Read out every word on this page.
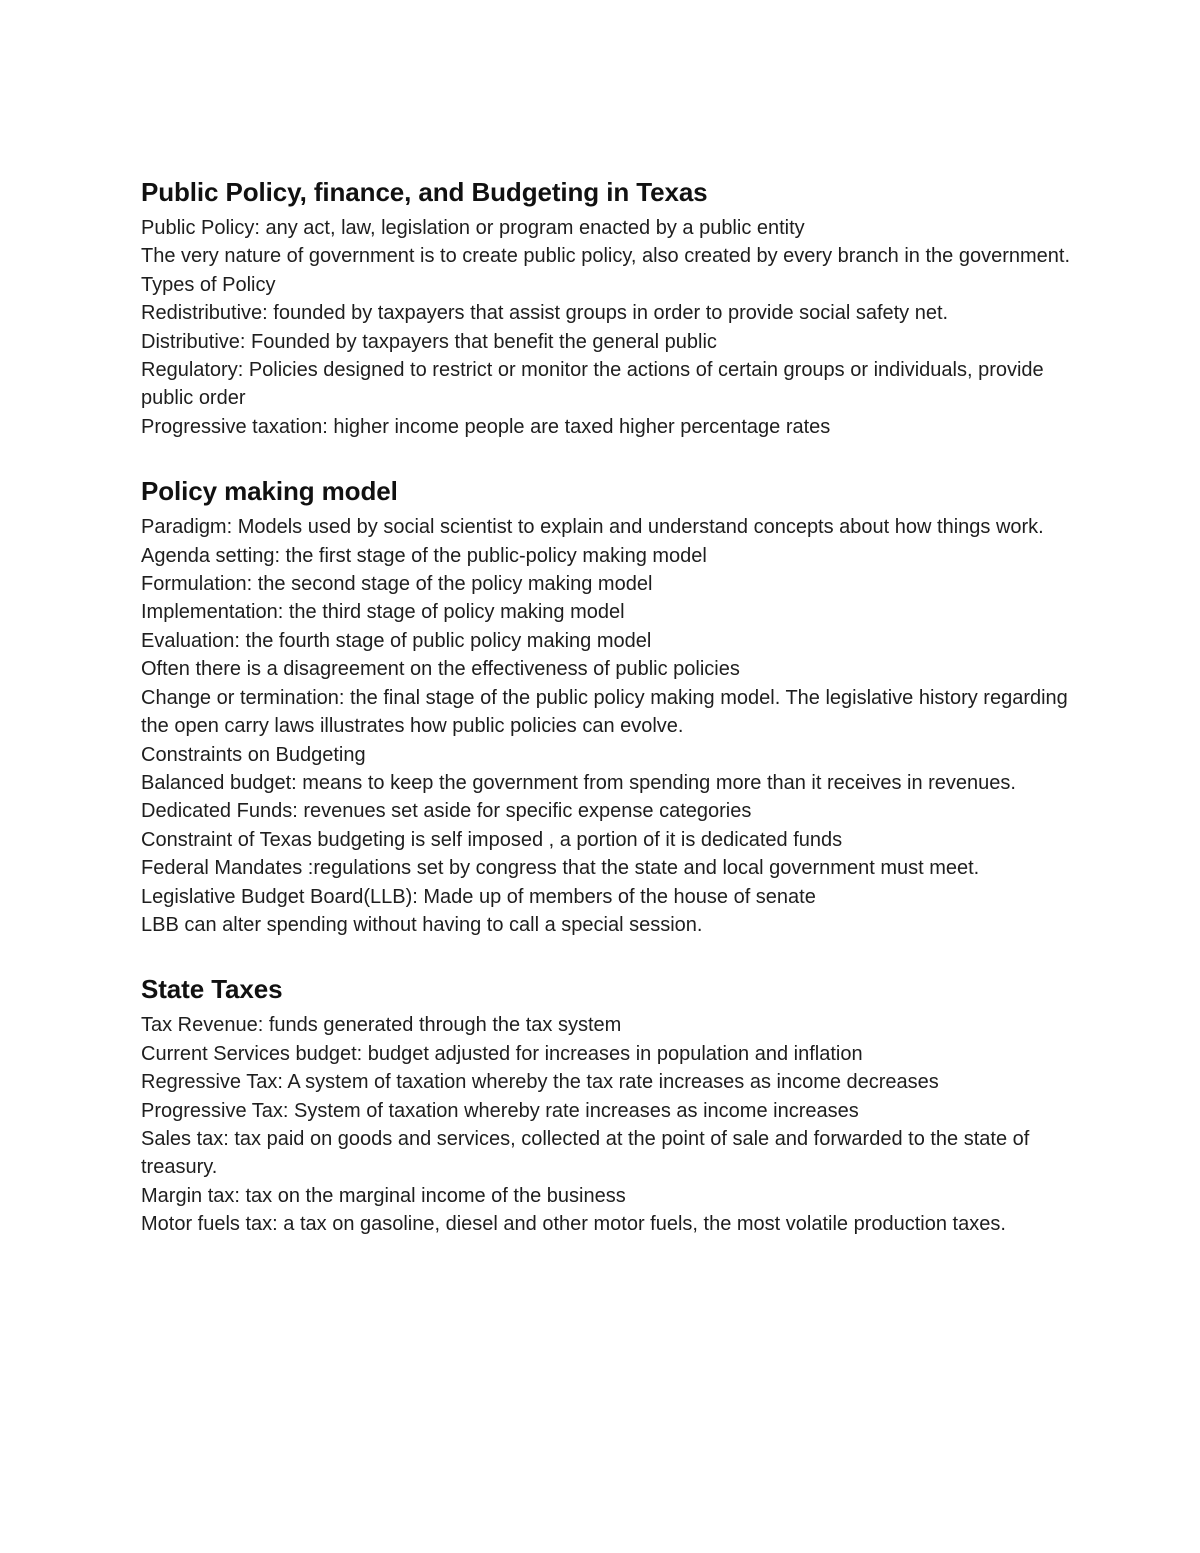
Public Policy, finance, and Budgeting in Texas
Public Policy: any act, law, legislation or program enacted by a public entity
The very nature of government is to create public policy, also created by every branch in the government.
Types of Policy
Redistributive: founded by taxpayers that assist groups in order to provide social safety net.
Distributive: Founded by taxpayers that benefit the general public
Regulatory: Policies designed to restrict or monitor the actions of certain groups or individuals, provide public order
Progressive taxation: higher income people are taxed higher percentage rates
Policy making model
Paradigm: Models used by social scientist to explain and understand concepts about how things work.
Agenda setting: the first stage of the public-policy making model
Formulation: the second stage of the policy making model
Implementation: the third stage of policy making model
Evaluation: the fourth stage of public policy making model
Often there is a disagreement on the effectiveness of public policies
Change or termination: the final stage of the public policy making model. The legislative history regarding the open carry laws illustrates how public policies can evolve.
Constraints on Budgeting
Balanced budget: means to keep the government from spending more than it receives in revenues.
Dedicated Funds: revenues set aside for specific expense categories
Constraint of Texas budgeting is self imposed , a portion of it is dedicated funds
Federal Mandates :regulations set by congress that the state and local government must meet.
Legislative Budget Board(LLB): Made up of members of the house of senate
LBB can alter spending without having to call a special session.
State Taxes
Tax Revenue: funds generated through the tax system
Current Services budget: budget adjusted for increases in population and inflation
Regressive Tax: A system of taxation whereby the tax rate increases as income decreases
Progressive Tax: System of taxation whereby rate increases as income increases
Sales tax: tax paid on goods and services, collected at the point of sale and forwarded to the state of treasury.
Margin tax: tax on the marginal income of the business
Motor fuels tax: a tax on gasoline, diesel and other motor fuels, the most volatile production taxes.
